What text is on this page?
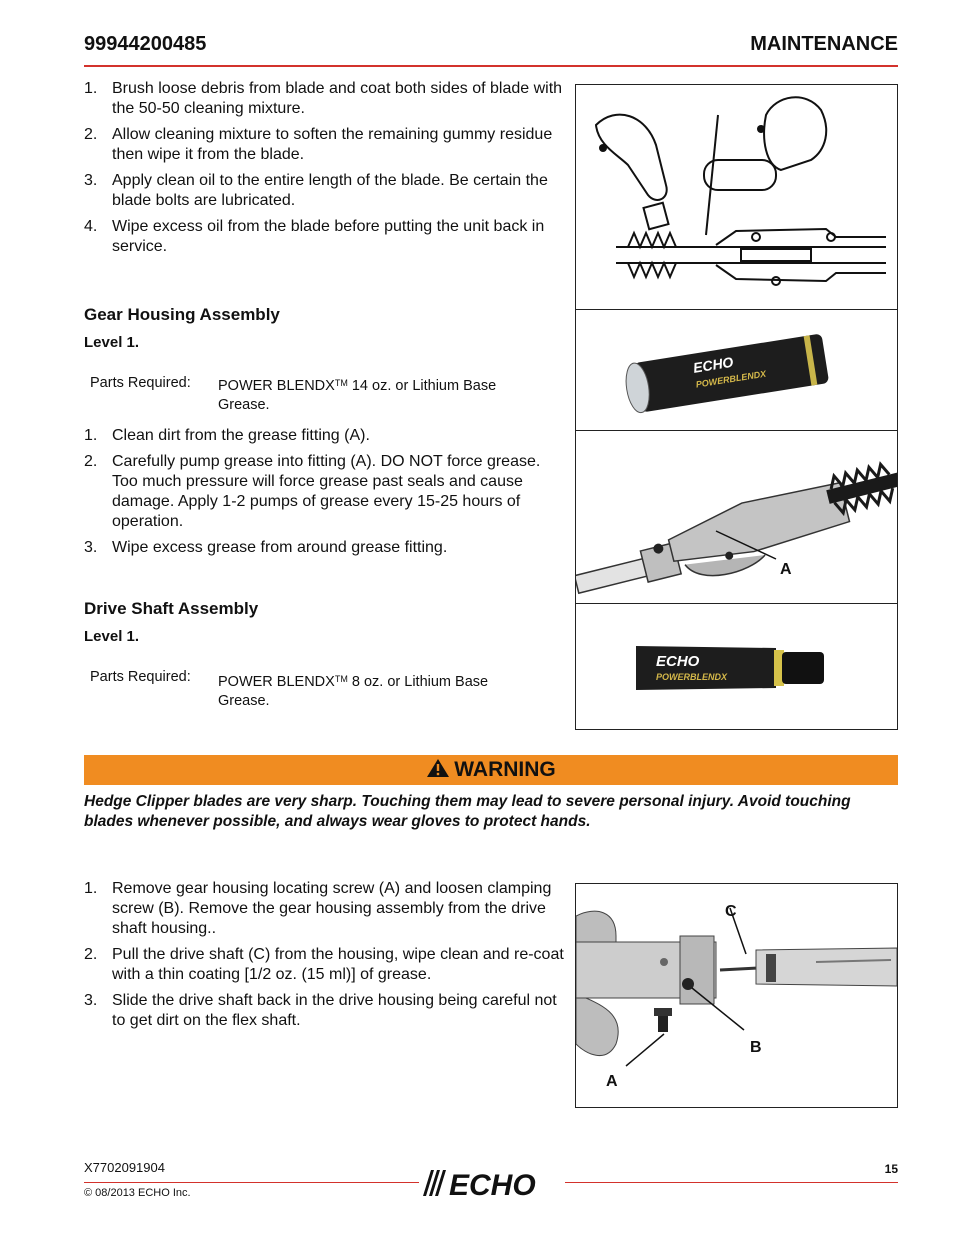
99944200485	MAINTENANCE
1. Brush loose debris from blade and coat both sides of blade with the 50-50 cleaning mixture.
2. Allow cleaning mixture to soften the remaining gummy residue then wipe it from the blade.
3. Apply clean oil to the entire length of the blade. Be certain the blade bolts are lubricated.
4. Wipe excess oil from the blade before putting the unit back in service.
Gear Housing Assembly
Level 1.
Parts Required: POWER BLENDX™ 14 oz. or Lithium Base Grease.
1. Clean dirt from the grease fitting (A).
2. Carefully pump grease into fitting (A). DO NOT force grease. Too much pressure will force grease past seals and cause damage. Apply 1-2 pumps of grease every 15-25 hours of operation.
3. Wipe excess grease from around grease fitting.
Drive Shaft Assembly
Level 1.
Parts Required: POWER BLENDX™ 8 oz. or Lithium Base Grease.
ECHO
POWERBLENDX
A
ECHO
POWERBLENDX
WARNING
Hedge Clipper blades are very sharp. Touching them may lead to severe personal injury. Avoid touching blades whenever possible, and always wear gloves to protect hands.
1. Remove gear housing locating screw (A) and loosen clamping screw (B). Remove the gear housing assembly from the drive shaft housing..
2. Pull the drive shaft (C) from the housing, wipe clean and re-coat with a thin coating [1/2 oz. (15 ml)] of grease.
3. Slide the drive shaft back in the drive housing being careful not to get dirt on the flex shaft.
C
B
A
X7702091904
© 08/2013 ECHO Inc.
15
ECHO
